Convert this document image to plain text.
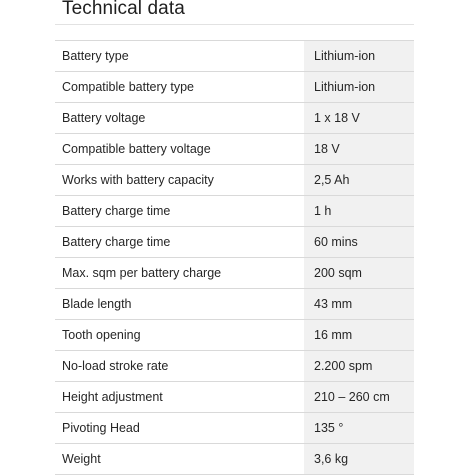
Technical data
Battery type	Lithium-ion
Compatible battery type	Lithium-ion
Battery voltage	1 x 18 V
Compatible battery voltage	18 V
Works with battery capacity	2,5 Ah
Battery charge time	1 h
Battery charge time	60 mins
Max. sqm per battery charge	200 sqm
Blade length	43 mm
Tooth opening	16 mm
No-load stroke rate	2.200 spm
Height adjustment	210 – 260 cm
Pivoting Head	135 °
Weight	3,6 kg
